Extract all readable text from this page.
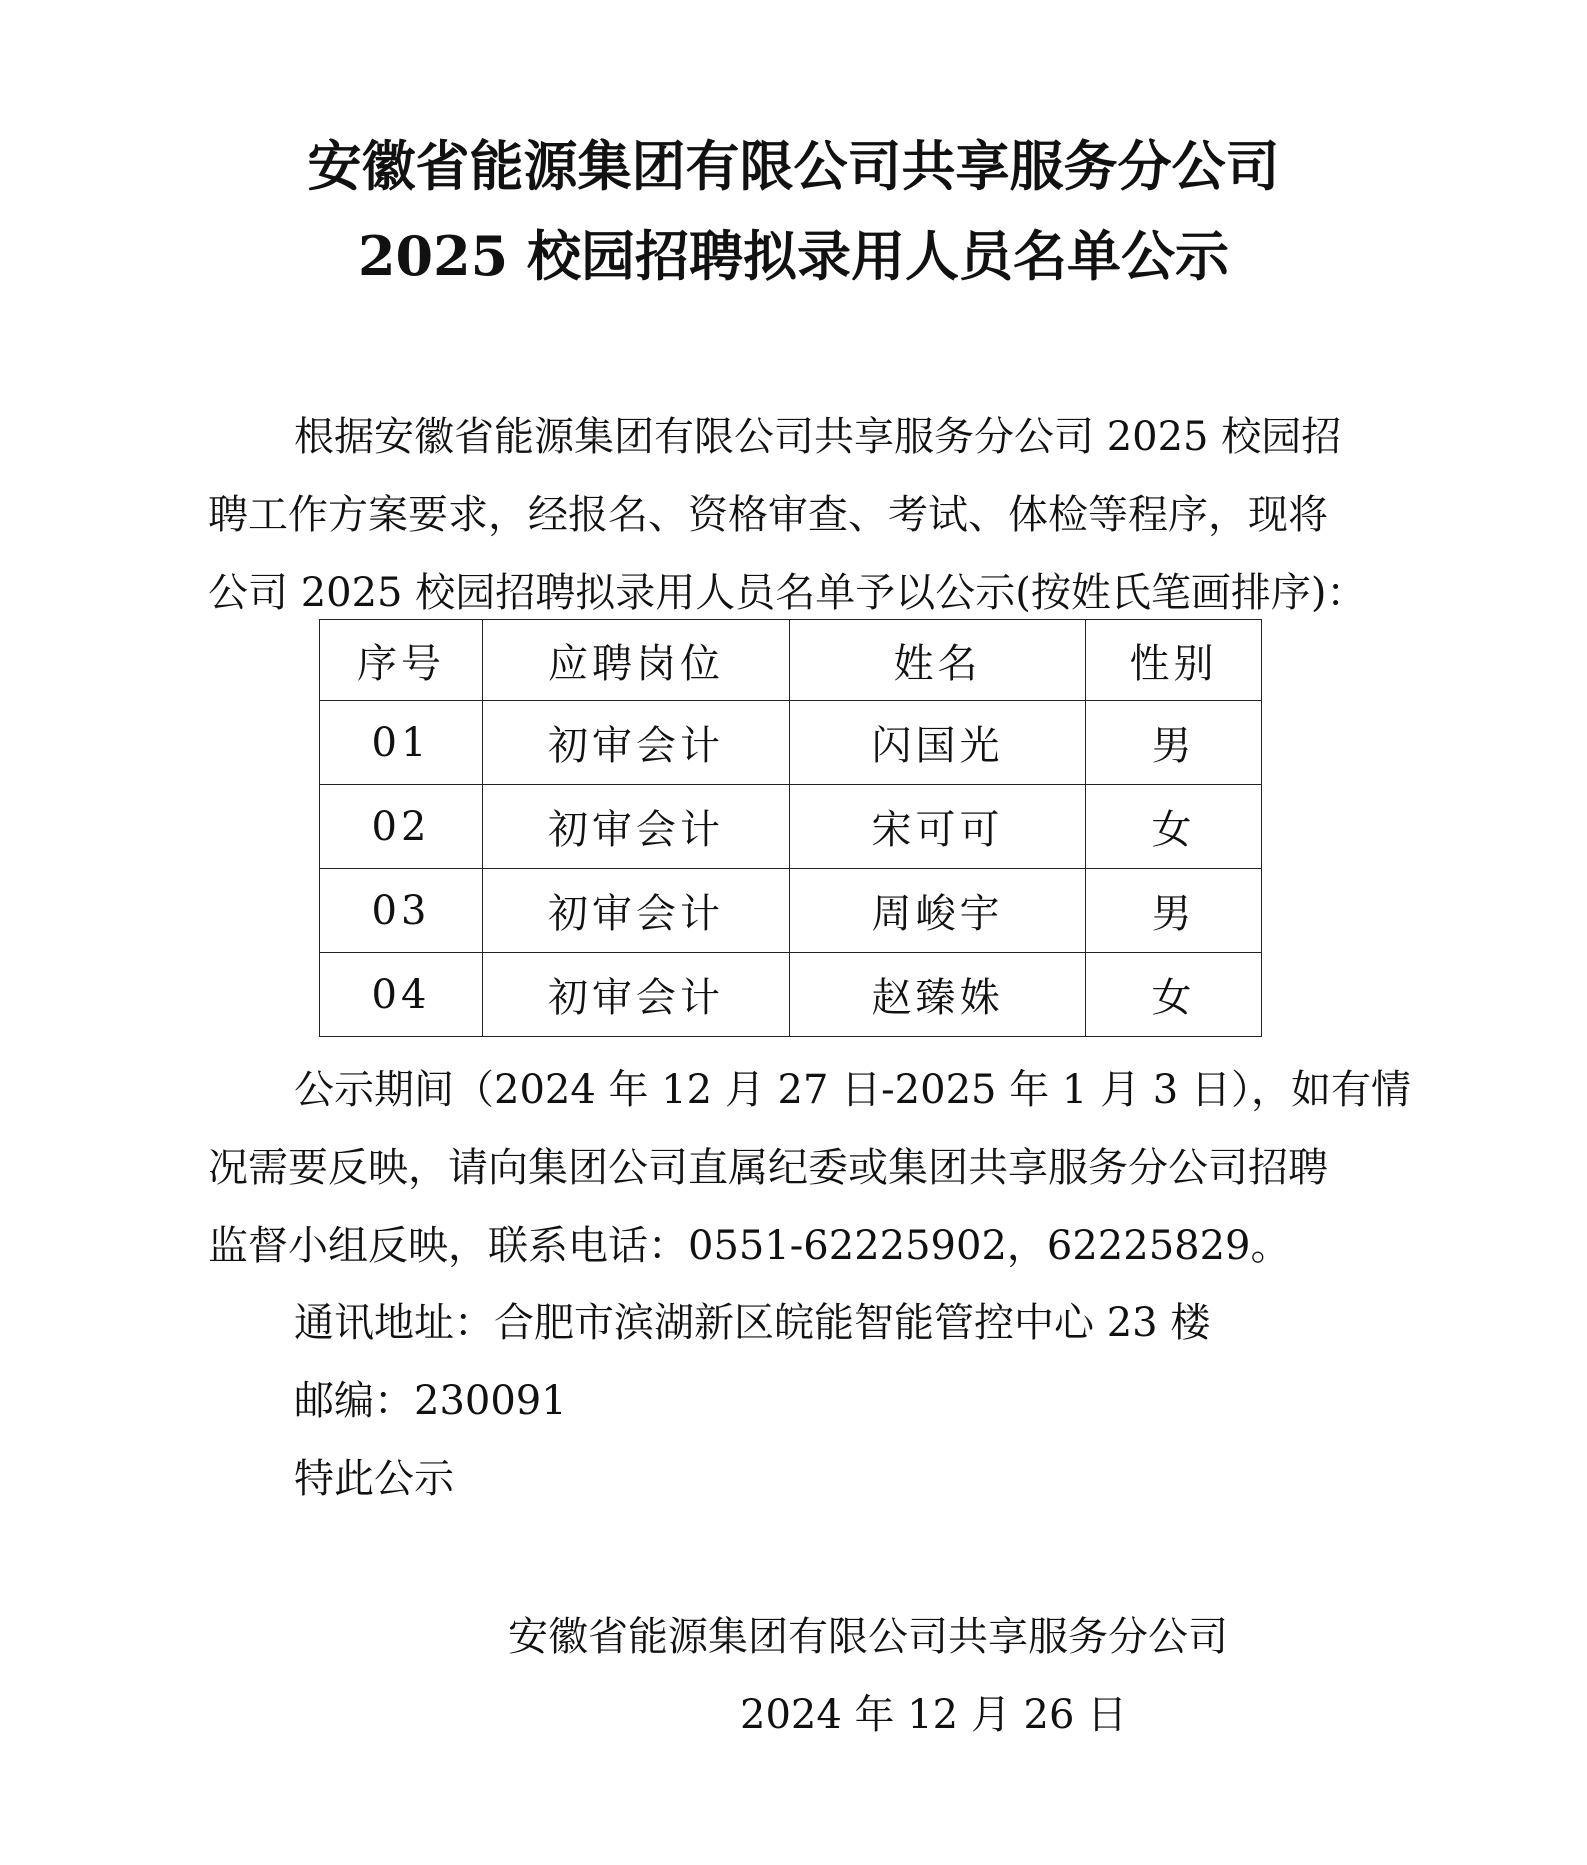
安徽省能源集团有限公司共享服务分公司
2025 校园招聘拟录用人员名单公示
根据安徽省能源集团有限公司共享服务分公司 2025 校园招
聘工作方案要求，经报名、资格审查、考试、体检等程序，现将
公司 2025 校园招聘拟录用人员名单予以公示(按姓氏笔画排序)：
序号	应聘岗位	姓名	性别
01	初审会计	闪国光	男
02	初审会计	宋可可	女
03	初审会计	周峻宇	男
04	初审会计	赵臻姝	女
公示期间（2024 年 12 月 27 日-2025 年 1 月 3 日），如有情
况需要反映，请向集团公司直属纪委或集团共享服务分公司招聘
监督小组反映，联系电话：0551-62225902，62225829。
通讯地址：合肥市滨湖新区皖能智能管控中心 23 楼
邮编：230091
特此公示
安徽省能源集团有限公司共享服务分公司
2024 年 12 月 26 日
